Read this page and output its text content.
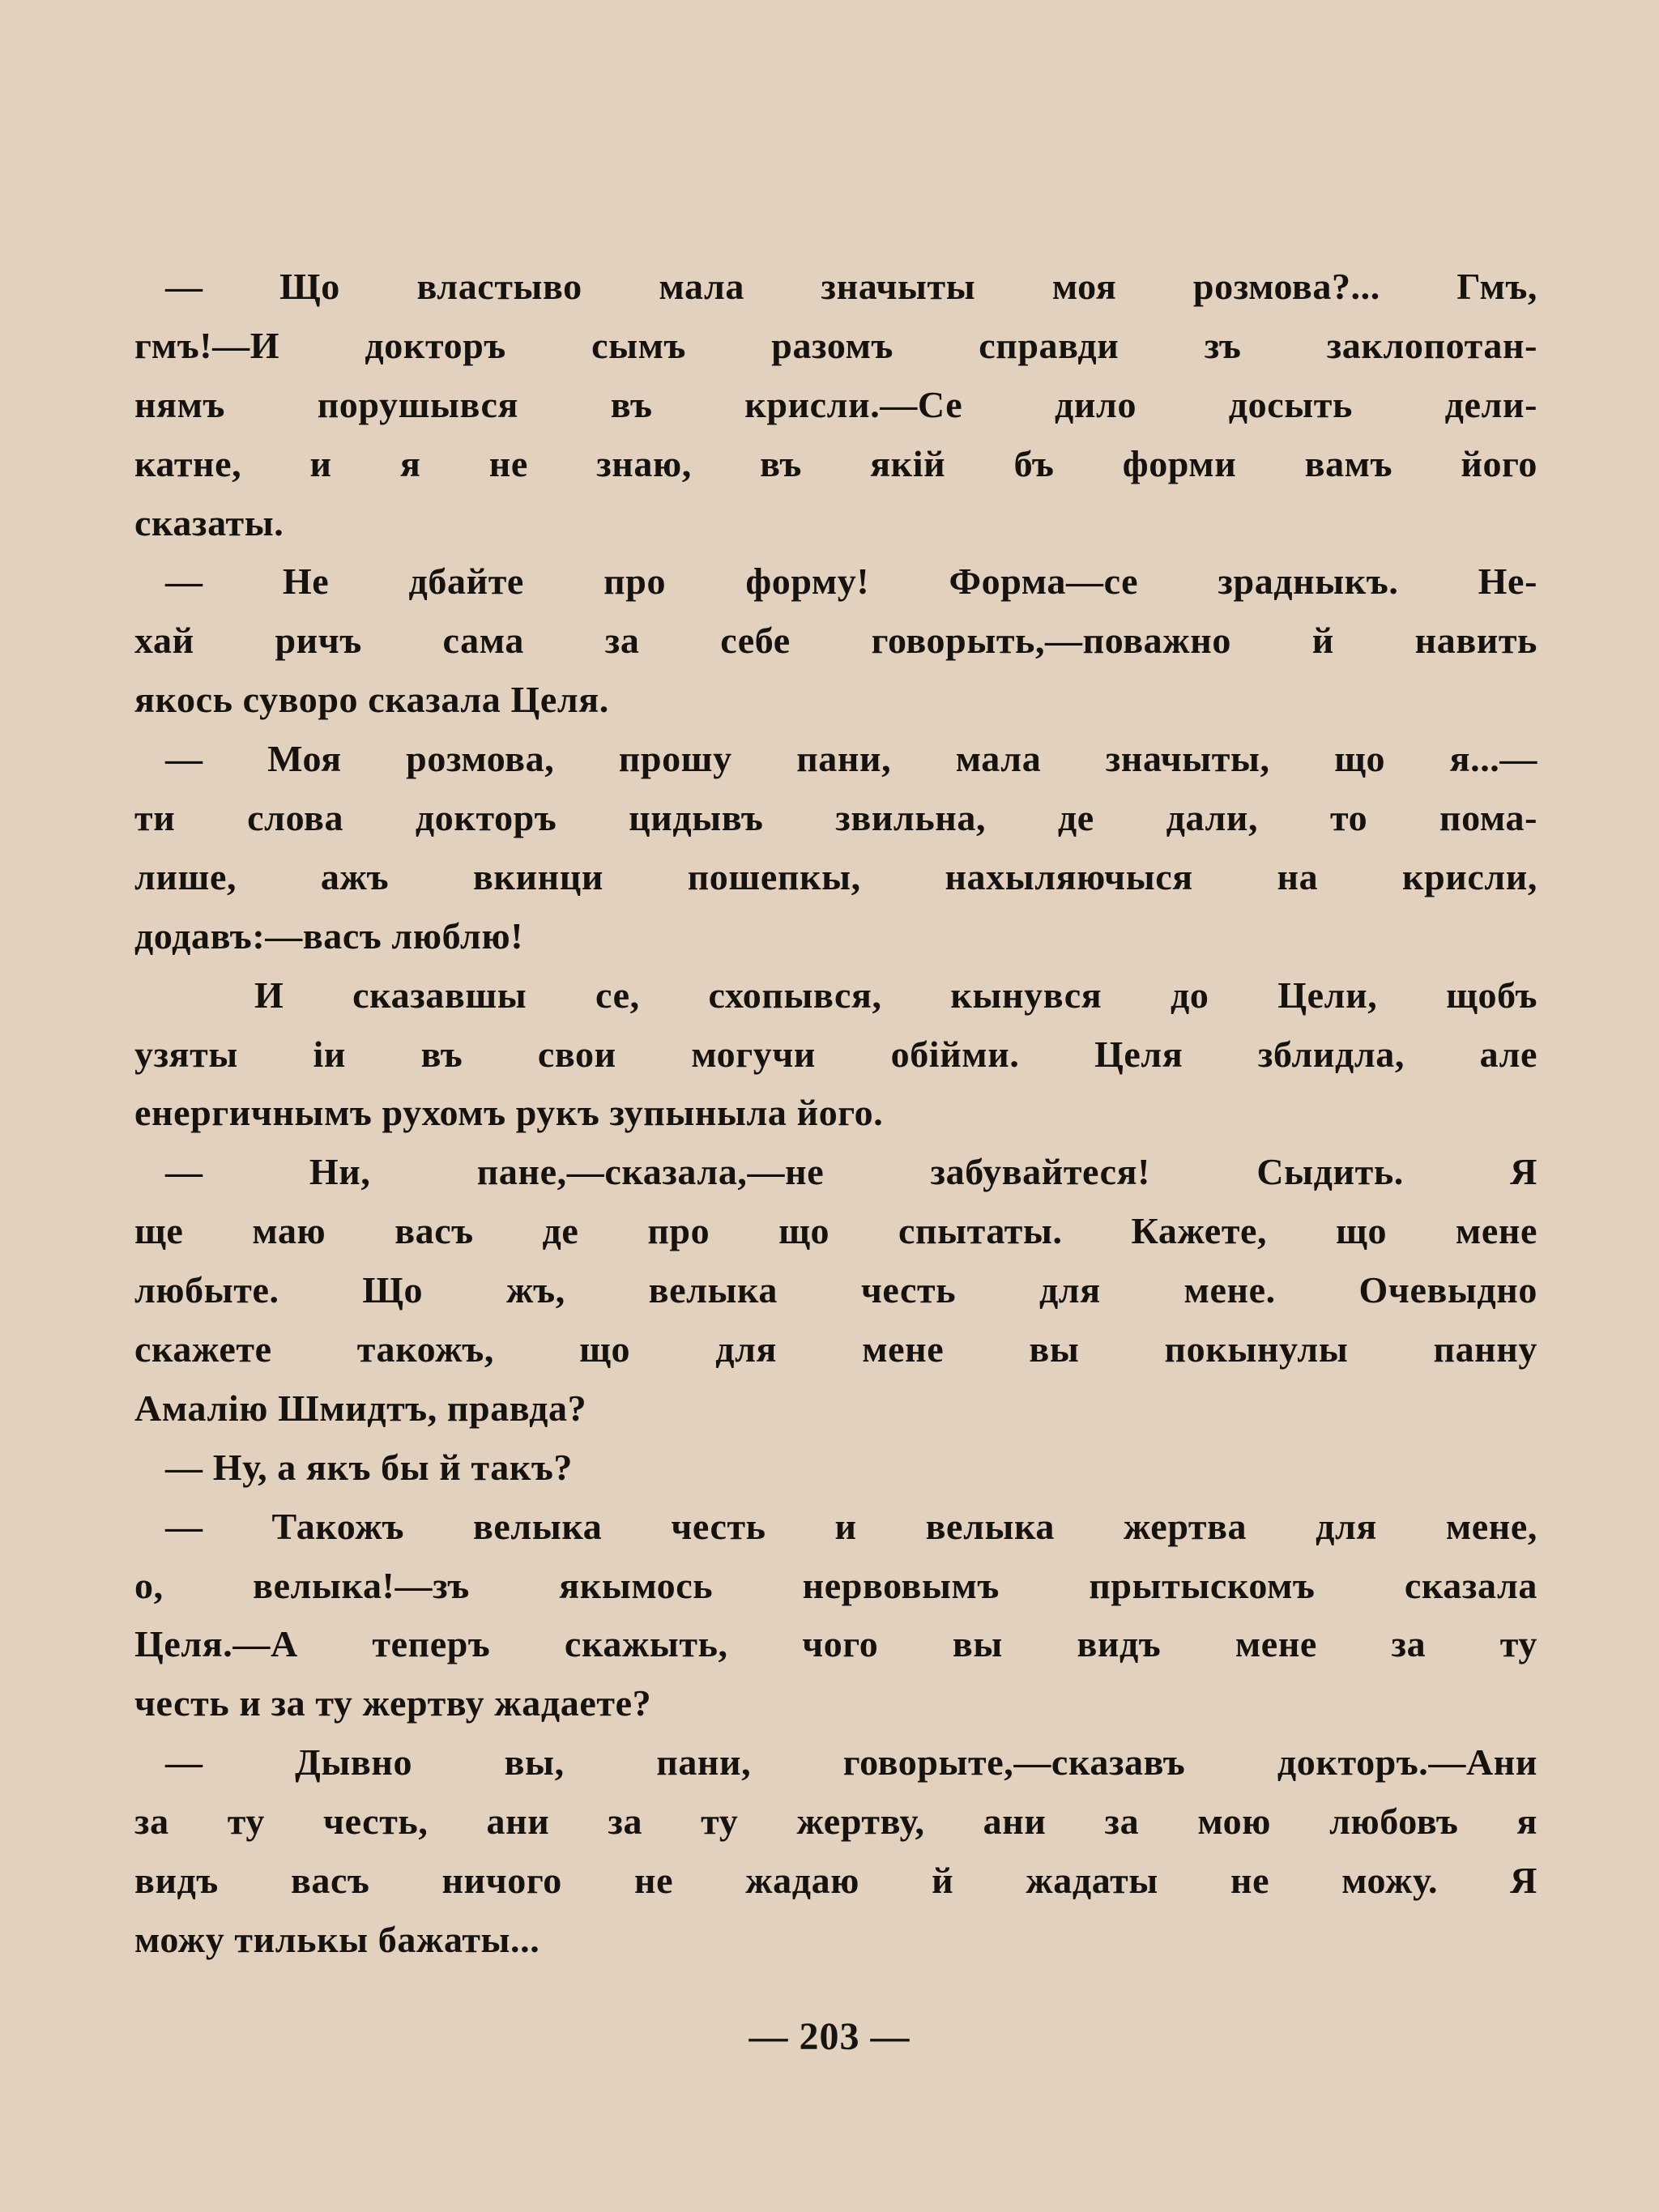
— Що властыво мала значыты моя розмова?... Гмъ,
гмъ!—И докторъ сымъ разомъ справди зъ заклопотан-
нямъ порушывся въ крисли.—Се дило досыть дели-
катне, и я не знаю, въ якій бъ форми вамъ його
сказаты.
— Не дбайте про форму! Форма—се зрадныкъ. Не-
хай ричъ сама за себе говорыть,—поважно й навить
якось суворо сказала Целя.
— Моя розмова, прошу пани, мала значыты, що я...—
ти слова докторъ цидывъ звильна, де дали, то пома-
лише, ажъ вкинци пошепкы, нахыляючыся на крисли,
додавъ:—васъ люблю!
И сказавшы се, схопывся, кынувся до Цели, щобъ
узяты іи въ свои могучи обійми. Целя зблидла, але
енергичнымъ рухомъ рукъ зупыныла його.
— Ни, пане,—сказала,—не забувайтеся! Сыдить. Я
ще маю васъ де про що спытаты. Кажете, що мене
любыте. Що жъ, велыка честь для мене. Очевыдно
скажете такожъ, що для мене вы покынулы панну
Амалію Шмидтъ, правда?
— Ну, а якъ бы й такъ?
— Такожъ велыка честь и велыка жертва для мене,
о, велыка!—зъ якымось нервовымъ прытыскомъ сказала
Целя.—А теперъ скажыть, чого вы видъ мене за ту
честь и за ту жертву жадаете?
— Дывно вы, пани, говорыте,—сказавъ докторъ.—Ани
за ту честь, ани за ту жертву, ани за мою любовъ я
видъ васъ ничого не жадаю й жадаты не можу. Я
можу тилькы бажаты...
— 203 —
